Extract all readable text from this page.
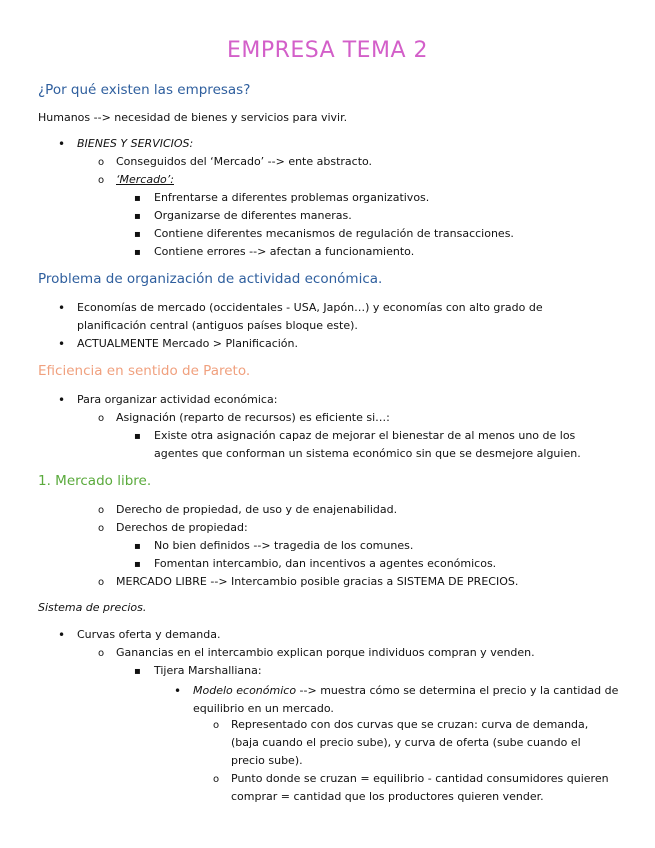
EMPRESA TEMA 2
¿Por qué existen las empresas?
Humanos --> necesidad de bienes y servicios para vivir.
•
BIENES Y SERVICIOS:
o
Conseguidos del ‘Mercado’ --> ente abstracto.
o
‘Mercado’:
▪
Enfrentarse a diferentes problemas organizativos.
▪
Organizarse de diferentes maneras.
▪
Contiene diferentes mecanismos de regulación de transacciones.
▪
Contiene errores --> afectan a funcionamiento.
Problema de organización de actividad económica.
•
Economías de mercado (occidentales - USA, Japón…) y economías con alto grado de planificación central (antiguos países bloque este).
•
ACTUALMENTE Mercado > Planificación.
Eficiencia en sentido de Pareto.
•
Para organizar actividad económica:
o
Asignación (reparto de recursos) es eficiente si…:
▪
Existe otra asignación capaz de mejorar el bienestar de al menos uno de los agentes que conforman un sistema económico sin que se desmejore alguien.
1. Mercado libre.
o
Derecho de propiedad, de uso y de enajenabilidad.
o
Derechos de propiedad:
▪
No bien definidos --> tragedia de los comunes.
▪
Fomentan intercambio, dan incentivos a agentes económicos.
o
MERCADO LIBRE --> Intercambio posible gracias a SISTEMA DE PRECIOS.
Sistema de precios.
•
Curvas oferta y demanda.
o
Ganancias en el intercambio explican porque individuos compran y venden.
▪
Tijera Marshalliana:
•
Modelo económico --> muestra cómo se determina el precio y la cantidad de equilibrio en un mercado.
o
Representado con dos curvas que se cruzan: curva de demanda, (baja cuando el precio sube), y curva de oferta (sube cuando el precio sube).
o
Punto donde se cruzan = equilibrio - cantidad consumidores quieren comprar = cantidad que los productores quieren vender.
